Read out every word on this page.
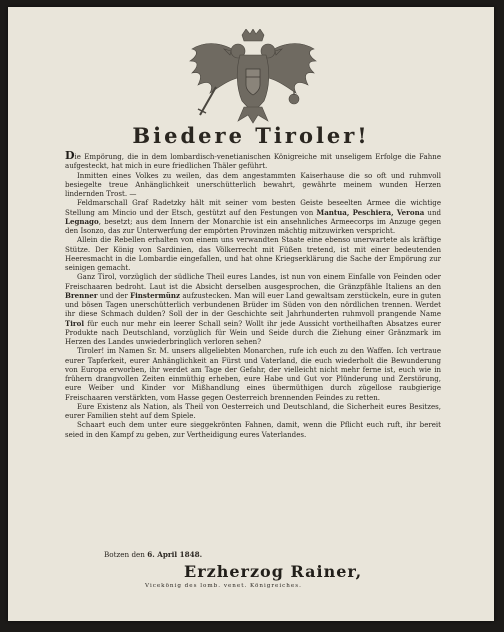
Biedere Tiroler!

Die Empörung, die in dem lombardisch-venetianischen Königreiche mit unseligem Erfolge die Fahne aufgesteckt, hat mich in eure friedlichen Thäler geführt.

Inmitten eines Volkes zu weilen, das dem angestammten Kaiserhause die so oft und ruhmvoll besiegelte treue Anhänglichkeit unerschütterlich bewahrt, gewährte meinem wunden Herzen lindernden Trost. —

Feldmarschall Graf Radetzky hält mit seiner vom besten Geiste beseelten Armee die wichtige Stellung am Mincio und der Etsch, gestützt auf den Festungen von Mantua, Peschiera, Verona und Legnago, besetzt; aus dem Innern der Monarchie ist ein ansehnliches Armeecorps im Anzuge gegen den Isonzo, das zur Unterwerfung der empörten Provinzen mächtig mitzuwirken verspricht.

Allein die Rebellen erhalten von einem uns verwandten Staate eine ebenso unerwartete als kräftige Stütze. Der König von Sardinien, das Völkerrecht mit Füßen tretend, ist mit einer bedeutenden Heeresmacht in die Lombardie eingefallen, und hat ohne Kriegserklärung die Sache der Empörung zur seinigen gemacht.

Ganz Tirol, vorzüglich der südliche Theil eures Landes, ist nun von einem Einfalle von Feinden oder Freischaaren bedroht. Laut ist die Absicht derselben ausgesprochen, die Gränzpfähle Italiens an den Brenner und der Finstermünz aufzustecken. Man will euer Land gewaltsam zerstückeln, eure in guten und bösen Tagen unerschütterlich verbundenen Brüder im Süden von den nördlichen trennen. Werdet ihr diese Schmach dulden? Soll der in der Geschichte seit Jahrhunderten ruhmvoll prangende Name Tirol für euch nur mehr ein leerer Schall sein? Wollt ihr jede Aussicht vortheilhaften Absatzes eurer Produkte nach Deutschland, vorzüglich für Wein und Seide durch die Ziehung einer Gränzmark im Herzen des Landes unwiederbringlich verloren sehen?

Tiroler! im Namen Sr. M. unsers allgeliebten Monarchen, rufe ich euch zu den Waffen. Ich vertraue eurer Tapferkeit, eurer Anhänglichkeit an Fürst und Vaterland, die euch wiederholt die Bewunderung von Europa erworben, ihr werdet am Tage der Gefahr, der vielleicht nicht mehr ferne ist, euch wie in frühern drangvollen Zeiten einmüthig erheben, eure Habe und Gut vor Plünderung und Zerstörung, eure Weiber und Kinder vor Mißhandlung eines übermüthigen durch zügellose raubgierige Freischaaren verstärkten, vom Hasse gegen Oesterreich brennenden Feindes zu retten.

Eure Existenz als Nation, als Theil von Oesterreich und Deutschland, die Sicherheit eures Besitzes, eurer Familien steht auf dem Spiele.

Schaart euch dem unter eure sieggekrönten Fahnen, damit, wenn die Pflicht euch ruft, ihr bereit seied in den Kampf zu geben, zur Vertheidigung eures Vaterlandes.

Botzen den 6. April 1848.
Erzherzog Rainer,
Vicekönig des lomb. venet. Königreiches.
